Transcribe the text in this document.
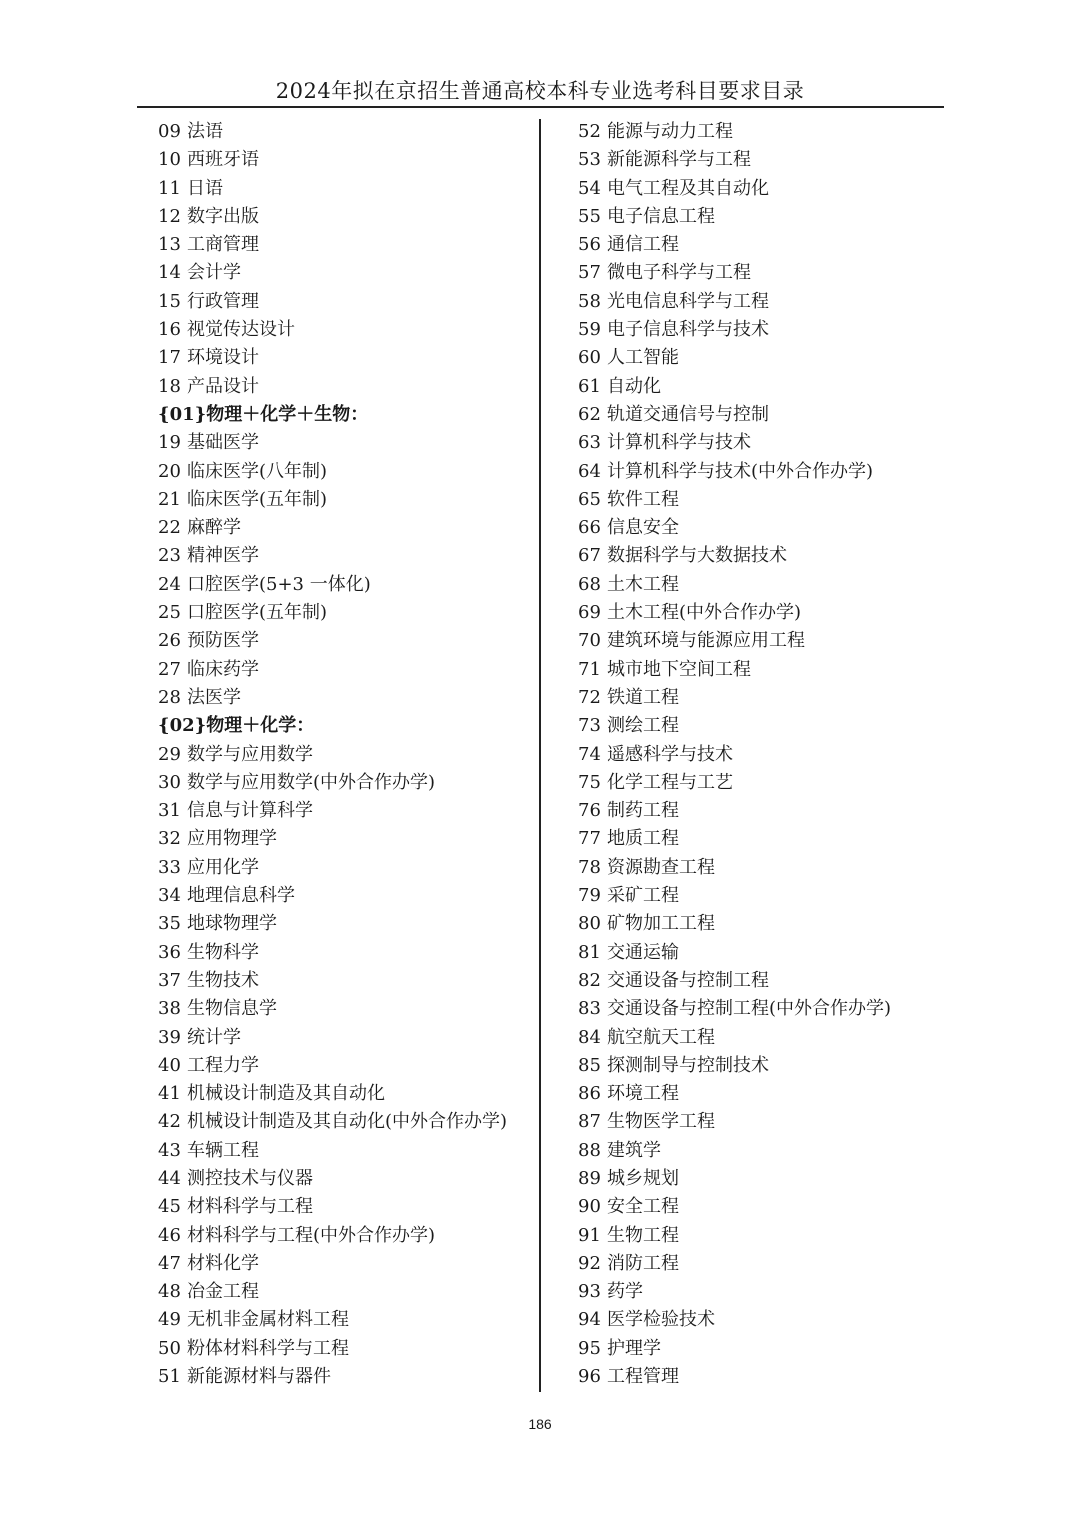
2024年拟在京招生普通高校本科专业选考科目要求目录
09 法语
10 西班牙语
11 日语
12 数字出版
13 工商管理
14 会计学
15 行政管理
16 视觉传达设计
17 环境设计
18 产品设计
{01}物理＋化学＋生物：
19 基础医学
20 临床医学(八年制)
21 临床医学(五年制)
22 麻醉学
23 精神医学
24 口腔医学(5+3 一体化)
25 口腔医学(五年制)
26 预防医学
27 临床药学
28 法医学
{02}物理＋化学：
29 数学与应用数学
30 数学与应用数学(中外合作办学)
31 信息与计算科学
32 应用物理学
33 应用化学
34 地理信息科学
35 地球物理学
36 生物科学
37 生物技术
38 生物信息学
39 统计学
40 工程力学
41 机械设计制造及其自动化
42 机械设计制造及其自动化(中外合作办学)
43 车辆工程
44 测控技术与仪器
45 材料科学与工程
46 材料科学与工程(中外合作办学)
47 材料化学
48 冶金工程
49 无机非金属材料工程
50 粉体材料科学与工程
51 新能源材料与器件
52 能源与动力工程
53 新能源科学与工程
54 电气工程及其自动化
55 电子信息工程
56 通信工程
57 微电子科学与工程
58 光电信息科学与工程
59 电子信息科学与技术
60 人工智能
61 自动化
62 轨道交通信号与控制
63 计算机科学与技术
64 计算机科学与技术(中外合作办学)
65 软件工程
66 信息安全
67 数据科学与大数据技术
68 土木工程
69 土木工程(中外合作办学)
70 建筑环境与能源应用工程
71 城市地下空间工程
72 铁道工程
73 测绘工程
74 遥感科学与技术
75 化学工程与工艺
76 制药工程
77 地质工程
78 资源勘查工程
79 采矿工程
80 矿物加工工程
81 交通运输
82 交通设备与控制工程
83 交通设备与控制工程(中外合作办学)
84 航空航天工程
85 探测制导与控制技术
86 环境工程
87 生物医学工程
88 建筑学
89 城乡规划
90 安全工程
91 生物工程
92 消防工程
93 药学
94 医学检验技术
95 护理学
96 工程管理
186
